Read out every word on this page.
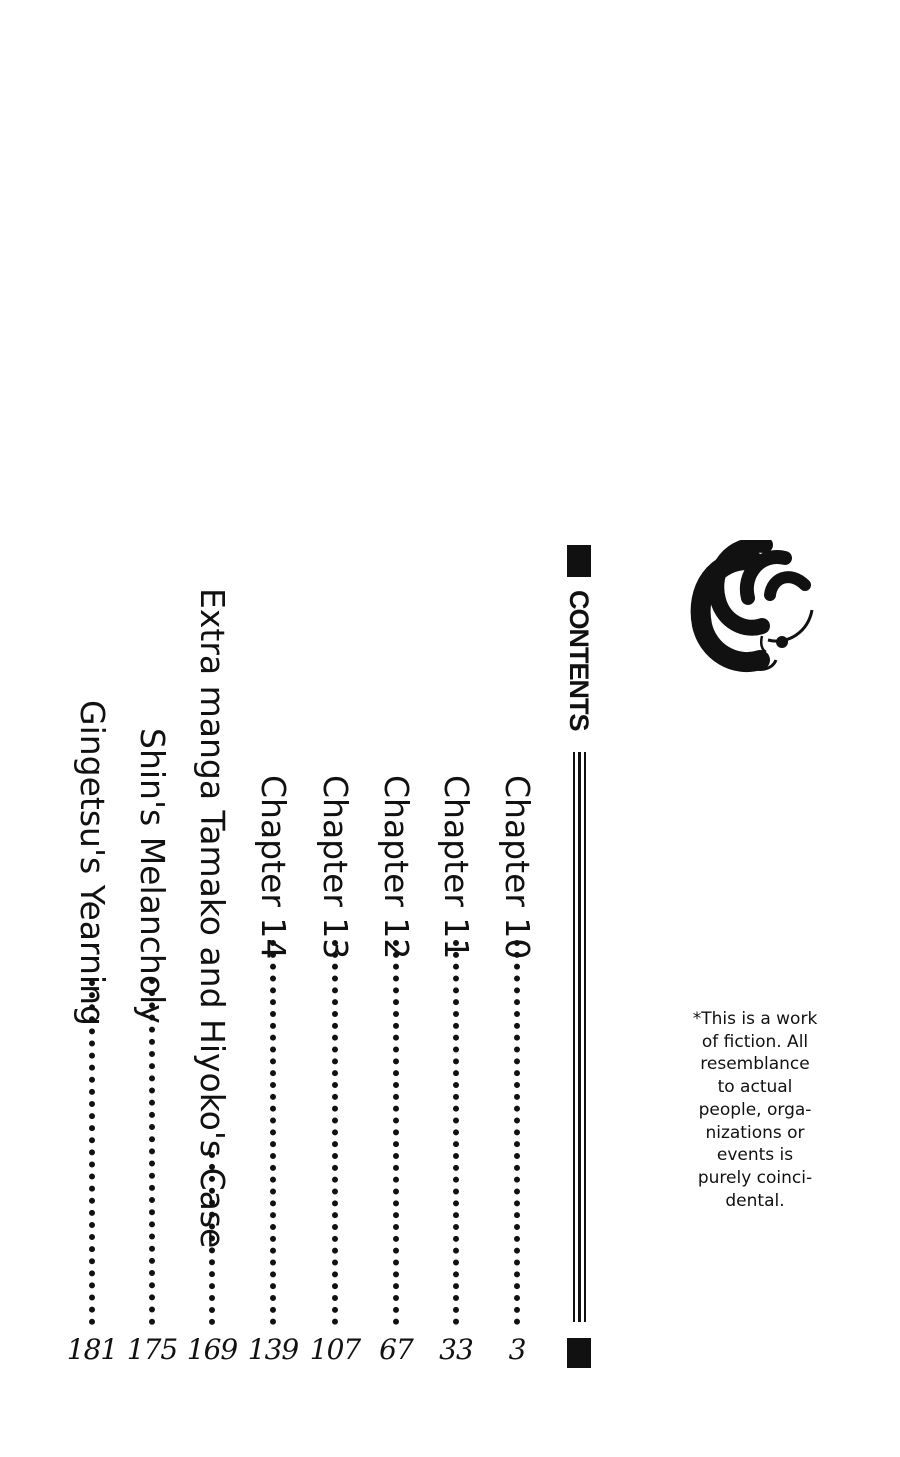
CONTENTS
Chapter 10
3
Chapter 11
33
Chapter 12
67
Chapter 13
107
Chapter 14
139
Extra manga Tamako and Hiyoko's Case
169
Shin's Melancholy
175
Gingetsu's Yearning
181
*This is a work
of fiction. All
resemblance
to actual
people, orga-
nizations or
events is
purely coinci-
dental.
